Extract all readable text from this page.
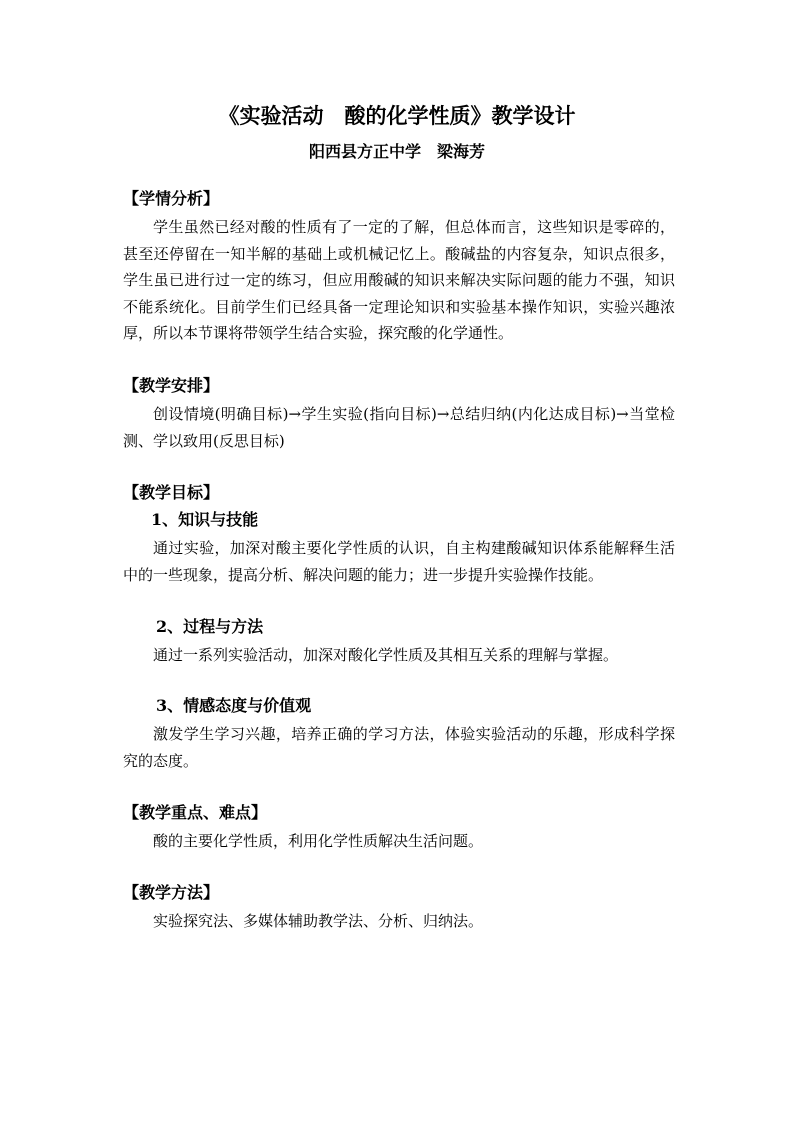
《实验活动　酸的化学性质》教学设计
阳西县方正中学　梁海芳
【学情分析】
学生虽然已经对酸的性质有了一定的了解，但总体而言，这些知识是零碎的，甚至还停留在一知半解的基础上或机械记忆上。酸碱盐的内容复杂，知识点很多，学生虽已进行过一定的练习，但应用酸碱的知识来解决实际问题的能力不强，知识不能系统化。目前学生们已经具备一定理论知识和实验基本操作知识，实验兴趣浓厚，所以本节课将带领学生结合实验，探究酸的化学通性。
【教学安排】
创设情境(明确目标)→学生实验(指向目标)→总结归纳(内化达成目标)→当堂检测、学以致用(反思目标)
【教学目标】
1、知识与技能
通过实验，加深对酸主要化学性质的认识，自主构建酸碱知识体系能解释生活中的一些现象，提高分析、解决问题的能力；进一步提升实验操作技能。
2、过程与方法
通过一系列实验活动，加深对酸化学性质及其相互关系的理解与掌握。
3、情感态度与价值观
激发学生学习兴趣，培养正确的学习方法，体验实验活动的乐趣，形成科学探究的态度。
【教学重点、难点】
酸的主要化学性质，利用化学性质解决生活问题。
【教学方法】
实验探究法、多媒体辅助教学法、分析、归纳法。
